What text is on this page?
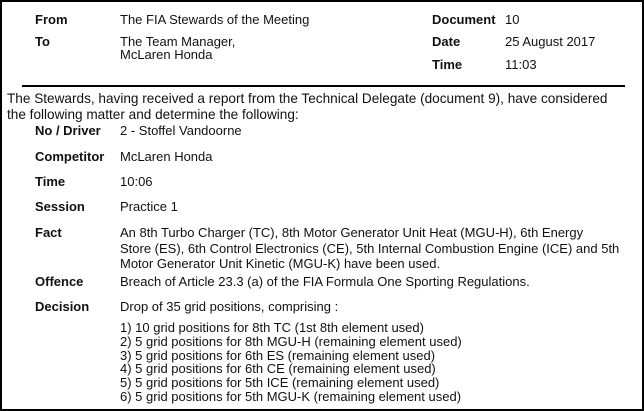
From	The FIA Stewards of the Meeting
To	The Team Manager,
McLaren Honda
Document 10
Date	25 August 2017
Time	11:03
The Stewards, having received a report from the Technical Delegate (document 9), have considered
the following matter and determine the following:
No / Driver 2 - Stoffel Vandoorne
Competitor McLaren Honda
Time	10:06
Session	Practice 1
Fact	An 8th Turbo Charger (TC), 8th Motor Generator Unit Heat (MGU-H), 6th Energy
Store (ES), 6th Control Electronics (CE), 5th Internal Combustion Engine (ICE) and 5th
Motor Generator Unit Kinetic (MGU-K) have been used.
Offence	Breach of Article 23.3 (a) of the FIA Formula One Sporting Regulations.
Decision Drop of 35 grid positions, comprising :
1) 10 grid positions for 8th TC (1st 8th element used)
2) 5 grid positions for 8th MGU-H (remaining element used)
3) 5 grid positions for 6th ES (remaining element used)
4) 5 grid positions for 6th CE (remaining element used)
5) 5 grid positions for 5th ICE (remaining element used)
6) 5 grid positions for 5th MGU-K (remaining element used)
